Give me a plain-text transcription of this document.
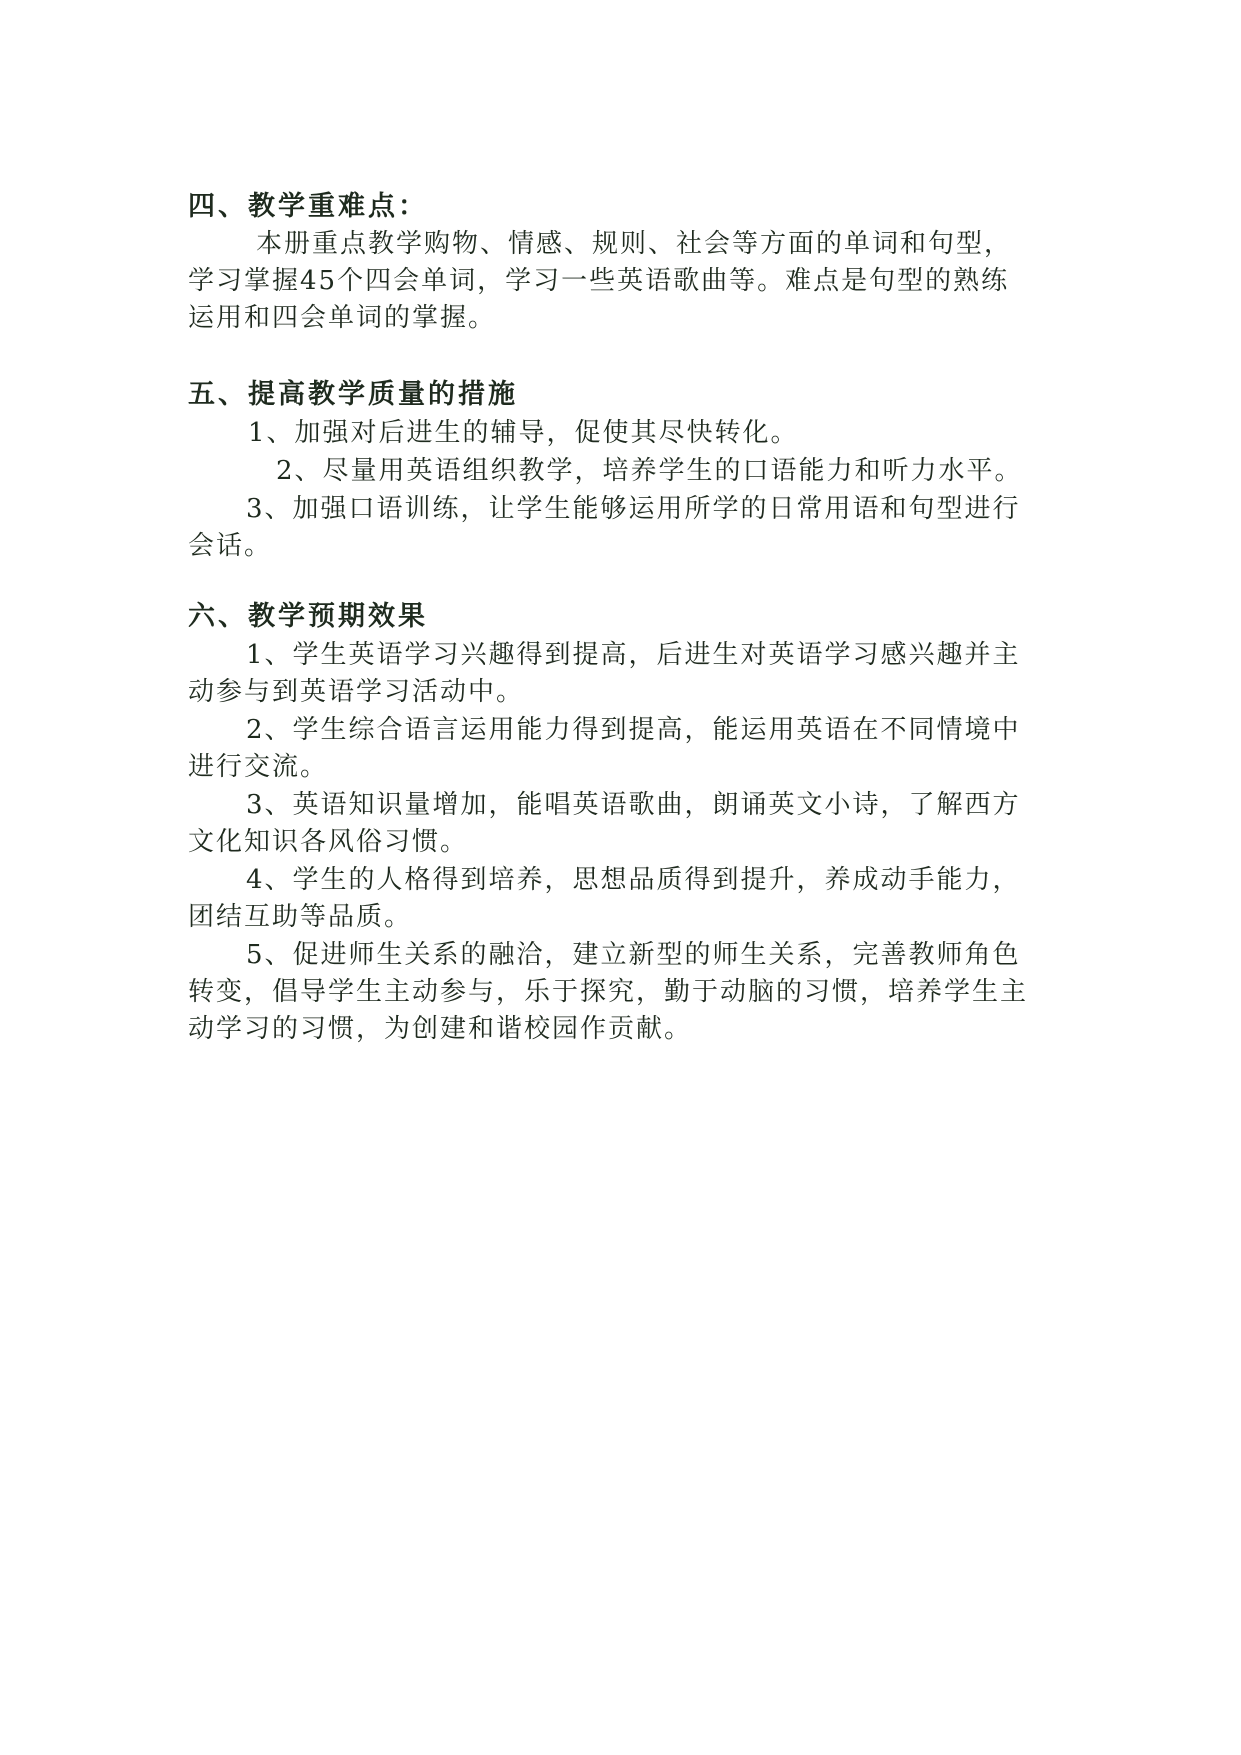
四、教学重难点：

本册重点教学购物、情感、规则、社会等方面的单词和句型，
学习掌握45个四会单词，学习一些英语歌曲等。难点是句型的熟练
运用和四会单词的掌握。

五、提高教学质量的措施

1、加强对后进生的辅导，促使其尽快转化。

2、尽量用英语组织教学，培养学生的口语能力和听力水平。

3、加强口语训练，让学生能够运用所学的日常用语和句型进行
会话。

六、教学预期效果

1、学生英语学习兴趣得到提高，后进生对英语学习感兴趣并主
动参与到英语学习活动中。

2、学生综合语言运用能力得到提高，能运用英语在不同情境中
进行交流。

3、英语知识量增加，能唱英语歌曲，朗诵英文小诗，了解西方
文化知识各风俗习惯。

4、学生的人格得到培养，思想品质得到提升，养成动手能力，
团结互助等品质。

5、促进师生关系的融洽，建立新型的师生关系，完善教师角色
转变，倡导学生主动参与，乐于探究，勤于动脑的习惯，培养学生主
动学习的习惯，为创建和谐校园作贡献。
